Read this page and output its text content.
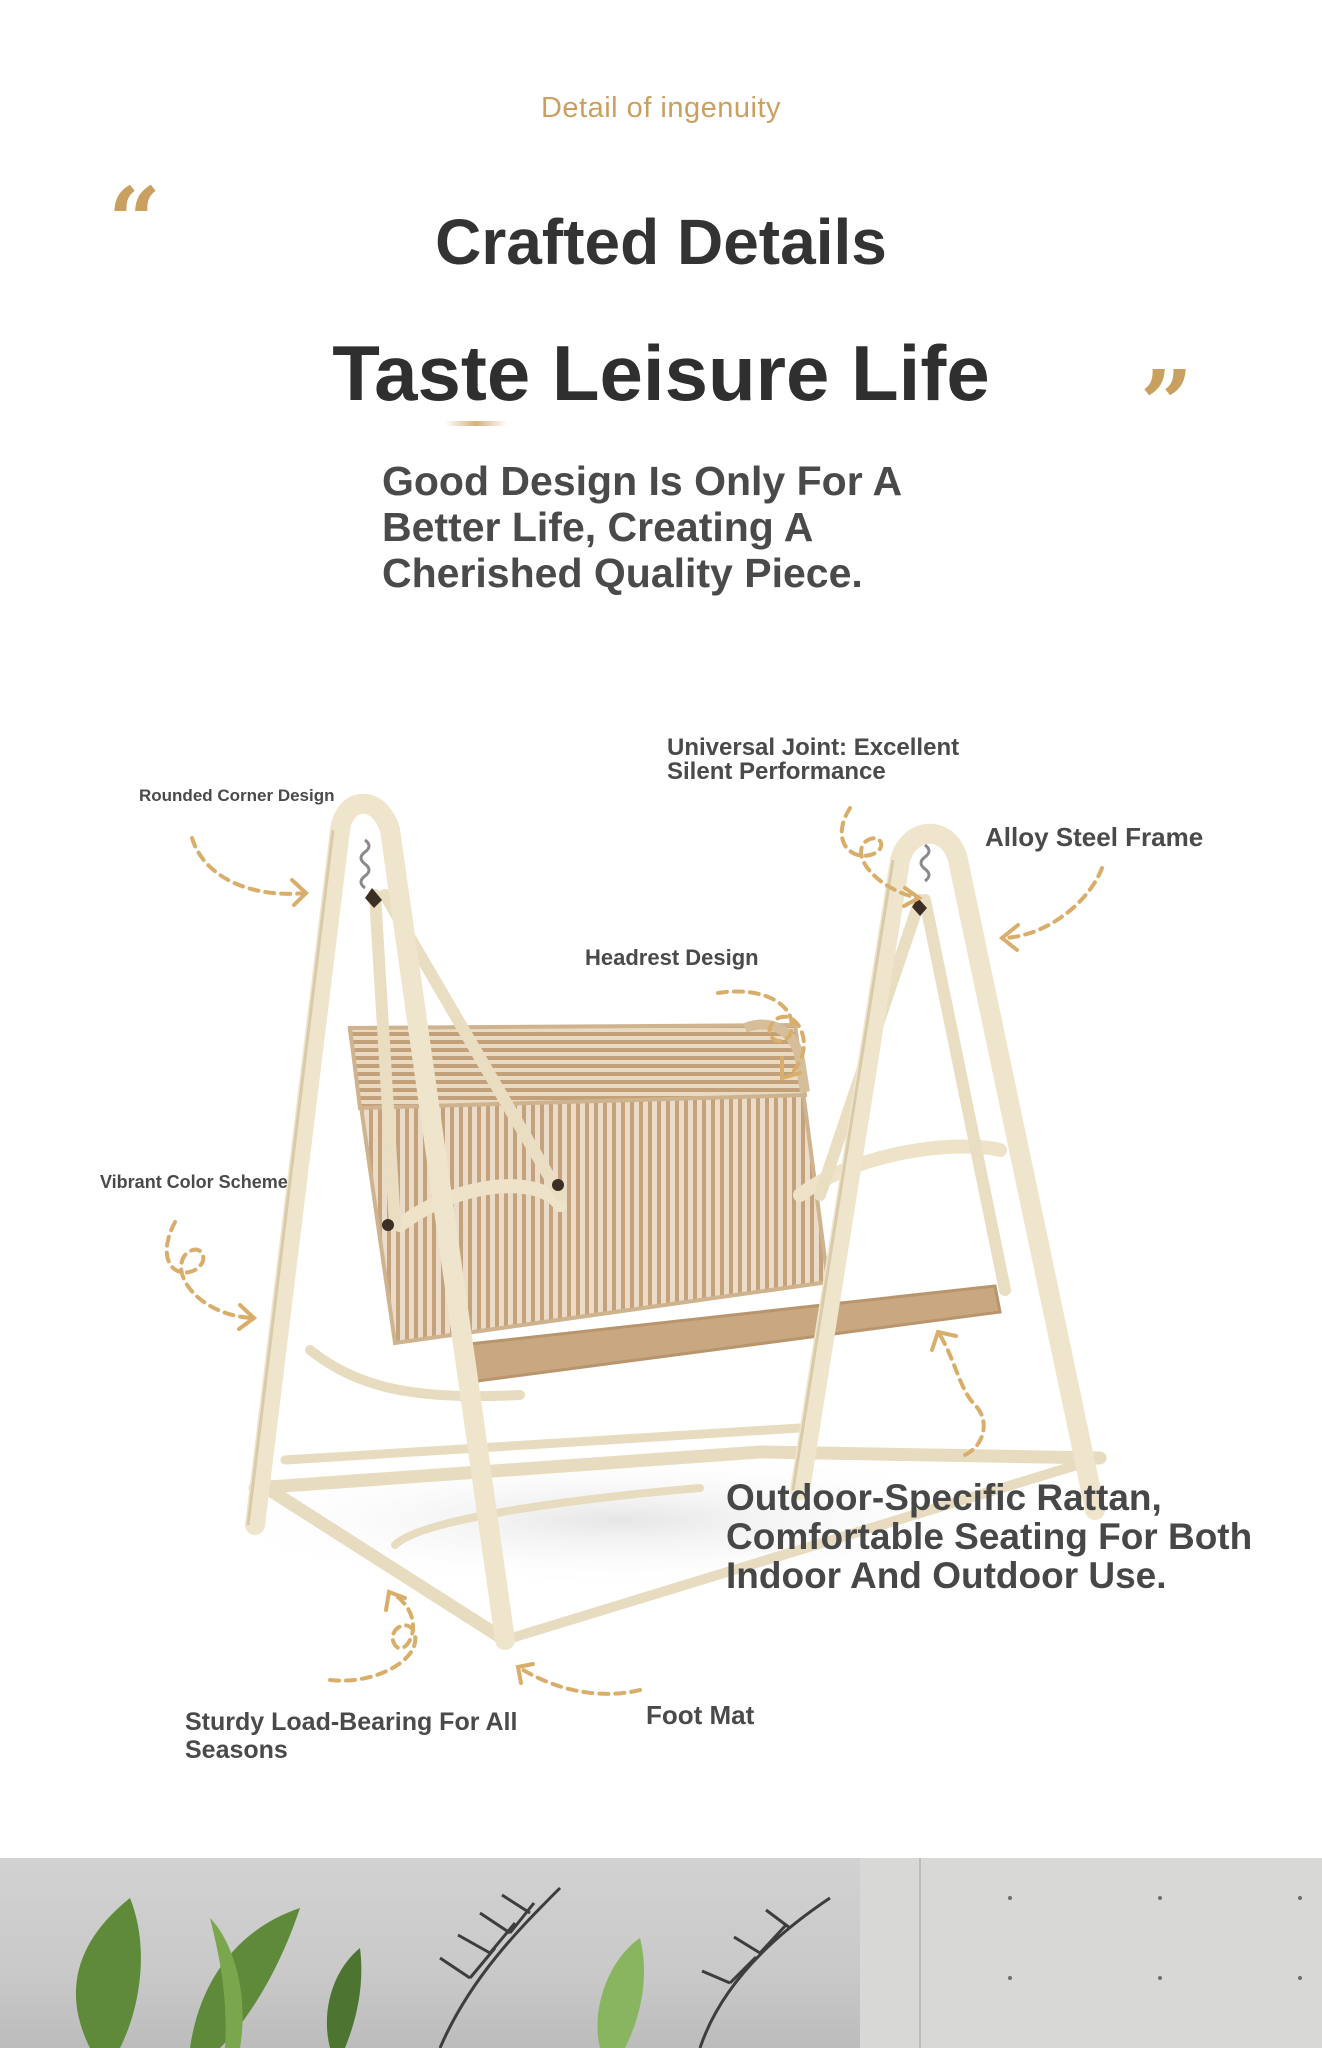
Detail of ingenuity
“	Crafted Details
Taste Leisure Life	”
Good Design Is Only For A Better Life, Creating A Cherished Quality Piece.
Rounded Corner Design
Universal Joint: Excellent Silent Performance
Alloy Steel Frame
Headrest Design
Vibrant Color Scheme
Outdoor-Specific Rattan, Comfortable Seating For Both Indoor And Outdoor Use.
Sturdy Load-Bearing For All Seasons
Foot Mat
